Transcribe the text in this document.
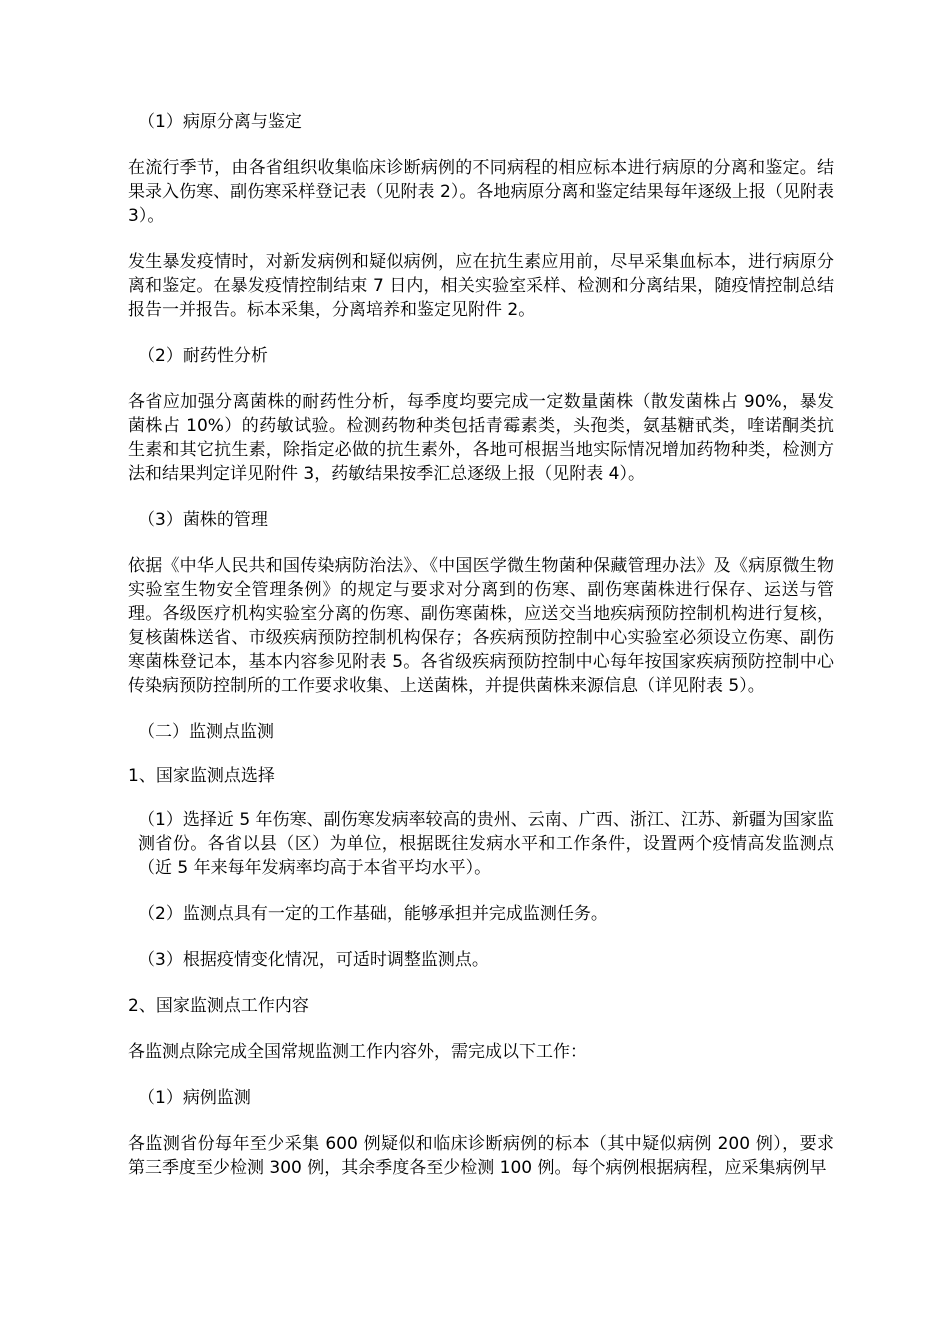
（1）病原分离与鉴定

在流行季节，由各省组织收集临床诊断病例的不同病程的相应标本进行病原的分离和鉴定。结果录入伤寒、副伤寒采样登记表（见附表 2）。各地病原分离和鉴定结果每年逐级上报（见附表 3）。

发生暴发疫情时，对新发病例和疑似病例，应在抗生素应用前，尽早采集血标本，进行病原分离和鉴定。在暴发疫情控制结束 7 日内，相关实验室采样、检测和分离结果，随疫情控制总结报告一并报告。标本采集，分离培养和鉴定见附件 2。

（2）耐药性分析

各省应加强分离菌株的耐药性分析，每季度均要完成一定数量菌株（散发菌株占 90%，暴发菌株占 10%）的药敏试验。检测药物种类包括青霉素类，头孢类，氨基糖甙类，喹诺酮类抗生素和其它抗生素，除指定必做的抗生素外，各地可根据当地实际情况增加药物种类，检测方法和结果判定详见附件 3，药敏结果按季汇总逐级上报（见附表 4）。

（3）菌株的管理

依据《中华人民共和国传染病防治法》、《中国医学微生物菌种保藏管理办法》及《病原微生物实验室生物安全管理条例》的规定与要求对分离到的伤寒、副伤寒菌株进行保存、运送与管理。各级医疗机构实验室分离的伤寒、副伤寒菌株，应送交当地疾病预防控制机构进行复核，复核菌株送省、市级疾病预防控制机构保存；各疾病预防控制中心实验室必须设立伤寒、副伤寒菌株登记本，基本内容参见附表 5。各省级疾病预防控制中心每年按国家疾病预防控制中心传染病预防控制所的工作要求收集、上送菌株，并提供菌株来源信息（详见附表 5）。

（二）监测点监测

1、国家监测点选择

（1）选择近 5 年伤寒、副伤寒发病率较高的贵州、云南、广西、浙江、江苏、新疆为国家监测省份。各省以县（区）为单位，根据既往发病水平和工作条件，设置两个疫情高发监测点（近 5 年来每年发病率均高于本省平均水平）。

（2）监测点具有一定的工作基础，能够承担并完成监测任务。

（3）根据疫情变化情况，可适时调整监测点。

2、国家监测点工作内容

各监测点除完成全国常规监测工作内容外，需完成以下工作：

（1）病例监测

各监测省份每年至少采集 600 例疑似和临床诊断病例的标本（其中疑似病例 200 例），要求第三季度至少检测 300 例，其余季度各至少检测 100 例。每个病例根据病程，应采集病例早
